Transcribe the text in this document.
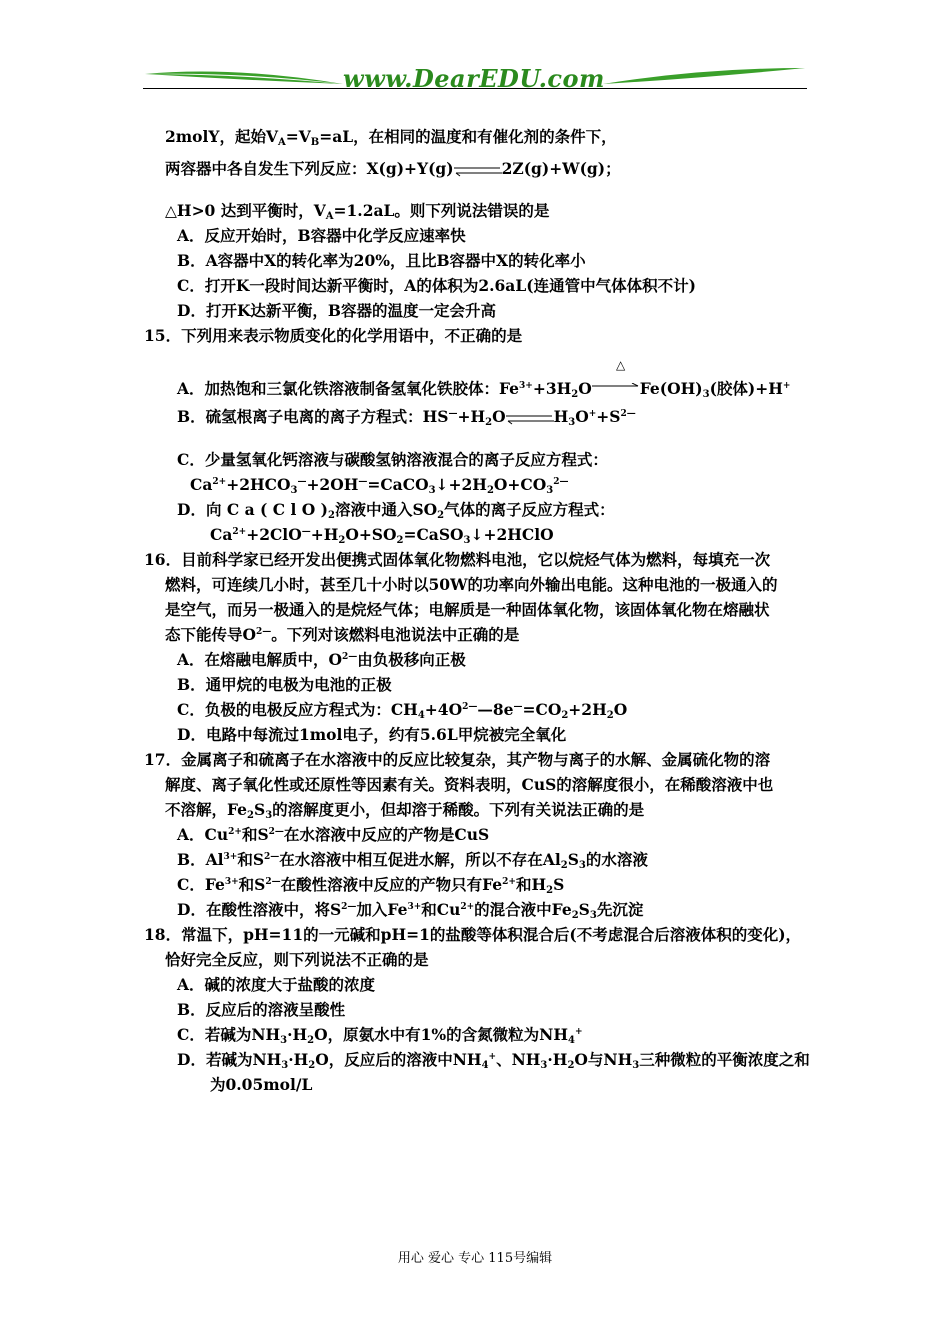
www.DearEDU.com
2molY，起始$V_A=V_B=aL$，在相同的温度和有催化剂的条件下，
两容器中各自发生下列反应：X(g)+Y(g)	2Z(g)+W(g)；
△H>0 达到平衡时，$V_A=1.2aL$。则下列说法错误的是
A．反应开始时，B容器中化学反应速率快
B．A容器中X的转化率为20%，且比B容器中X的转化率小
C．打开K一段时间达新平衡时，A的体积为2.6aL(连通管中气体体积不计)
D．打开K达新平衡，B容器的温度一定会升高
15．下列用来表示物质变化的化学用语中，不正确的是
△
A．加热饱和三氯化铁溶液制备氢氧化铁胶体：$Fe^{3+}+3H_2O$	$Fe(OH)_3$(胶体)+H+
B．硫氢根离子电离的离子方程式：$HS^—+H_2O$	$H_3O^++S^{2—}$
C．少量氢氧化钙溶液与碳酸氢钠溶液混合的离子反应方程式：
$Ca^{2+}+2HCO_3^—+2OH^—=CaCO_3↓+2H_2O+CO_3^{2—}$
D．向 C a ( C l O )$_2$溶液中通入$SO_2$气体的离子反应方程式：
$Ca^{2+}+2ClO^—+H_2O+SO_2=CaSO_3↓+2HClO$
16．目前科学家已经开发出便携式固体氧化物燃料电池，它以烷烃气体为燃料，每填充一次
燃料，可连续几小时，甚至几十小时以50W的功率向外输出电能。这种电池的一极通入的
是空气，而另一极通入的是烷烃气体；电解质是一种固体氧化物，该固体氧化物在熔融状
态下能传导$O^{2—}$。下列对该燃料电池说法中正确的是
A．在熔融电解质中，$O^{2—}$由负极移向正极
B．通甲烷的电极为电池的正极
C．负极的电极反应方程式为：$CH_4+4O^{2—}—8e^—=CO_2+2H_2O$
D．电路中每流过1mol电子，约有5.6L甲烷被完全氧化
17．金属离子和硫离子在水溶液中的反应比较复杂，其产物与离子的水解、金属硫化物的溶
解度、离子氧化性或还原性等因素有关。资料表明，CuS的溶解度很小，在稀酸溶液中也
不溶解，$Fe_2S_3$的溶解度更小，但却溶于稀酸。下列有关说法正确的是
A．$Cu^{2+}$和$S^{2—}$在水溶液中反应的产物是CuS
B．$Al^{3+}$和$S^{2—}$在水溶液中相互促进水解，所以不存在$Al_2S_3$的水溶液
C．$Fe^{3+}$和$S^{2—}$在酸性溶液中反应的产物只有$Fe^{2+}$和$H_2S$
D．在酸性溶液中，将$S^{2—}$加入$Fe^{3+}$和$Cu^{2+}$的混合液中$Fe_2S_3$先沉淀
18．常温下，pH=11的一元碱和pH=1的盐酸等体积混合后(不考虑混合后溶液体积的变化)，
恰好完全反应，则下列说法不正确的是
A．碱的浓度大于盐酸的浓度
B．反应后的溶液呈酸性
C．若碱为$NH_3\cdot H_2O$，原氨水中有1%的含氮微粒为$NH_4^+$
D．若碱为$NH_3\cdot H_2O$，反应后的溶液中$NH_4^+$、$NH_3\cdot H_2O$与$NH_3$三种微粒的平衡浓度之和
为0.05mol/L
用心 爱心 专心 115号编辑
